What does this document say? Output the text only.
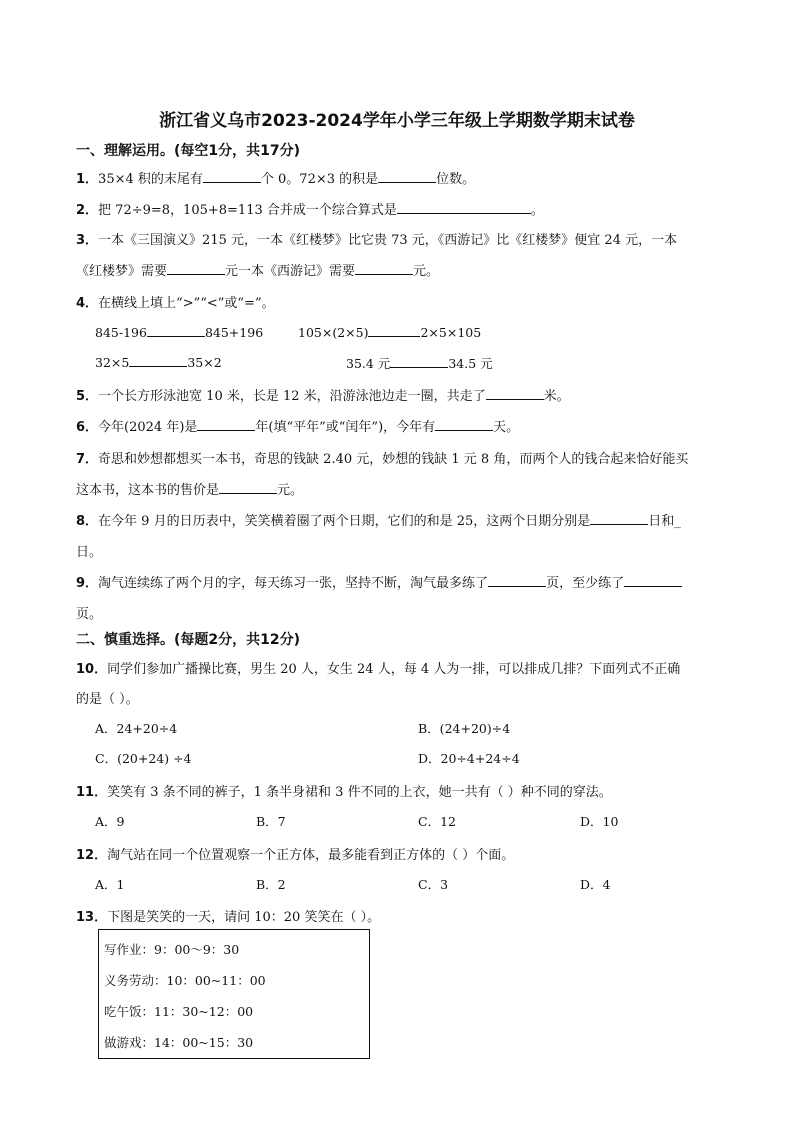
浙江省义乌市2023-2024学年小学三年级上学期数学期末试卷
一、理解运用。(每空1分，共17分)
1．35×4 积的末尾有	个 0。72×3 的积是	位数。
2．把 72÷9=8，105+8=113 合并成一个综合算式是	。
3．一本《三国演义》215 元，一本《红楼梦》比它贵 73 元，《西游记》比《红楼梦》便宜 24 元，一本
《红楼梦》需要	元一本《西游记》需要	元。
4．在横线上填上“>”“<”或“=”。
845-196	845+196	105×(2×5)	2×5×105
32×5	35×2	35.4 元	34.5 元
5．一个长方形泳池宽 10 米，长是 12 米，沿游泳池边走一圈，共走了	米。
6．今年(2024 年)是	年(填“平年”或“闰年”)，今年有	天。
7．奇思和妙想都想买一本书，奇思的钱缺 2.40 元，妙想的钱缺 1 元 8 角，而两个人的钱合起来恰好能买
这本书，这本书的售价是	元。
8．在今年 9 月的日历表中，笑笑横着圈了两个日期，它们的和是 25，这两个日期分别是	日和_
日。
9．淘气连续练了两个月的字，每天练习一张，坚持不断，淘气最多练了	页，至少练了
页。
二、慎重选择。(每题2分，共12分)
10．同学们参加广播操比赛，男生 20 人，女生 24 人，每 4 人为一排，可以排成几排？下面列式不正确
的是（ ）。
A．24+20÷4	B．(24+20)÷4
C．(20+24) ÷4	D．20÷4+24÷4
11．笑笑有 3 条不同的裤子，1 条半身裙和 3 件不同的上衣，她一共有（ ）种不同的穿法。
A．9	B．7	C．12	D．10
12．淘气站在同一个位置观察一个正方体，最多能看到正方体的（ ）个面。
A．1	B．2	C．3	D．4
13．下图是笑笑的一天，请问 10：20 笑笑在（ ）。
写作业：9：00～9：30
义务劳动：10：00~11：00
吃午饭：11：30~12：00
做游戏：14：00~15：30
